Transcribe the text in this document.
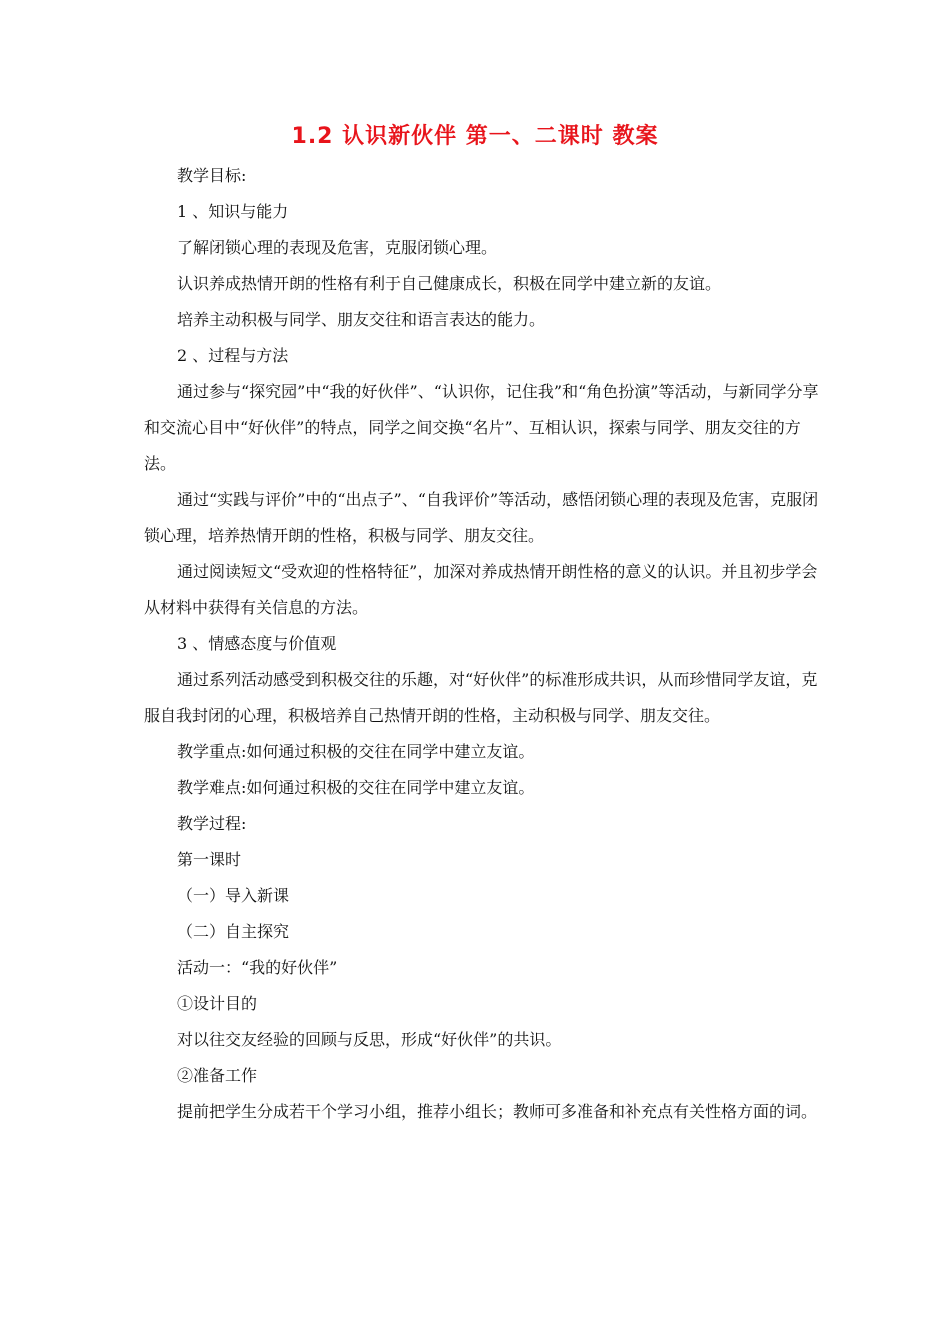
1.2 认识新伙伴 第一、二课时 教案

教学目标:

1 、知识与能力

了解闭锁心理的表现及危害，克服闭锁心理。

认识养成热情开朗的性格有利于自己健康成长，积极在同学中建立新的友谊。

培养主动积极与同学、朋友交往和语言表达的能力。

2 、过程与方法

通过参与“探究园”中“我的好伙伴”、“认识你，记住我”和“角色扮演”等活动，与新同学分享和交流心目中“好伙伴”的特点，同学之间交换“名片”、互相认识，探索与同学、朋友交往的方法。

通过“实践与评价”中的“出点子”、“自我评价”等活动，感悟闭锁心理的表现及危害，克服闭锁心理，培养热情开朗的性格，积极与同学、朋友交往。

通过阅读短文“受欢迎的性格特征”，加深对养成热情开朗性格的意义的认识。并且初步学会从材料中获得有关信息的方法。

3 、情感态度与价值观

通过系列活动感受到积极交往的乐趣，对“好伙伴”的标准形成共识，从而珍惜同学友谊，克服自我封闭的心理，积极培养自己热情开朗的性格，主动积极与同学、朋友交往。

教学重点:如何通过积极的交往在同学中建立友谊。

教学难点:如何通过积极的交往在同学中建立友谊。

教学过程:

第一课时

（一）导入新课

（二）自主探究

活动一：“我的好伙伴”

①设计目的

对以往交友经验的回顾与反思，形成“好伙伴”的共识。

②准备工作

提前把学生分成若干个学习小组，推荐小组长；教师可多准备和补充点有关性格方面的词。
